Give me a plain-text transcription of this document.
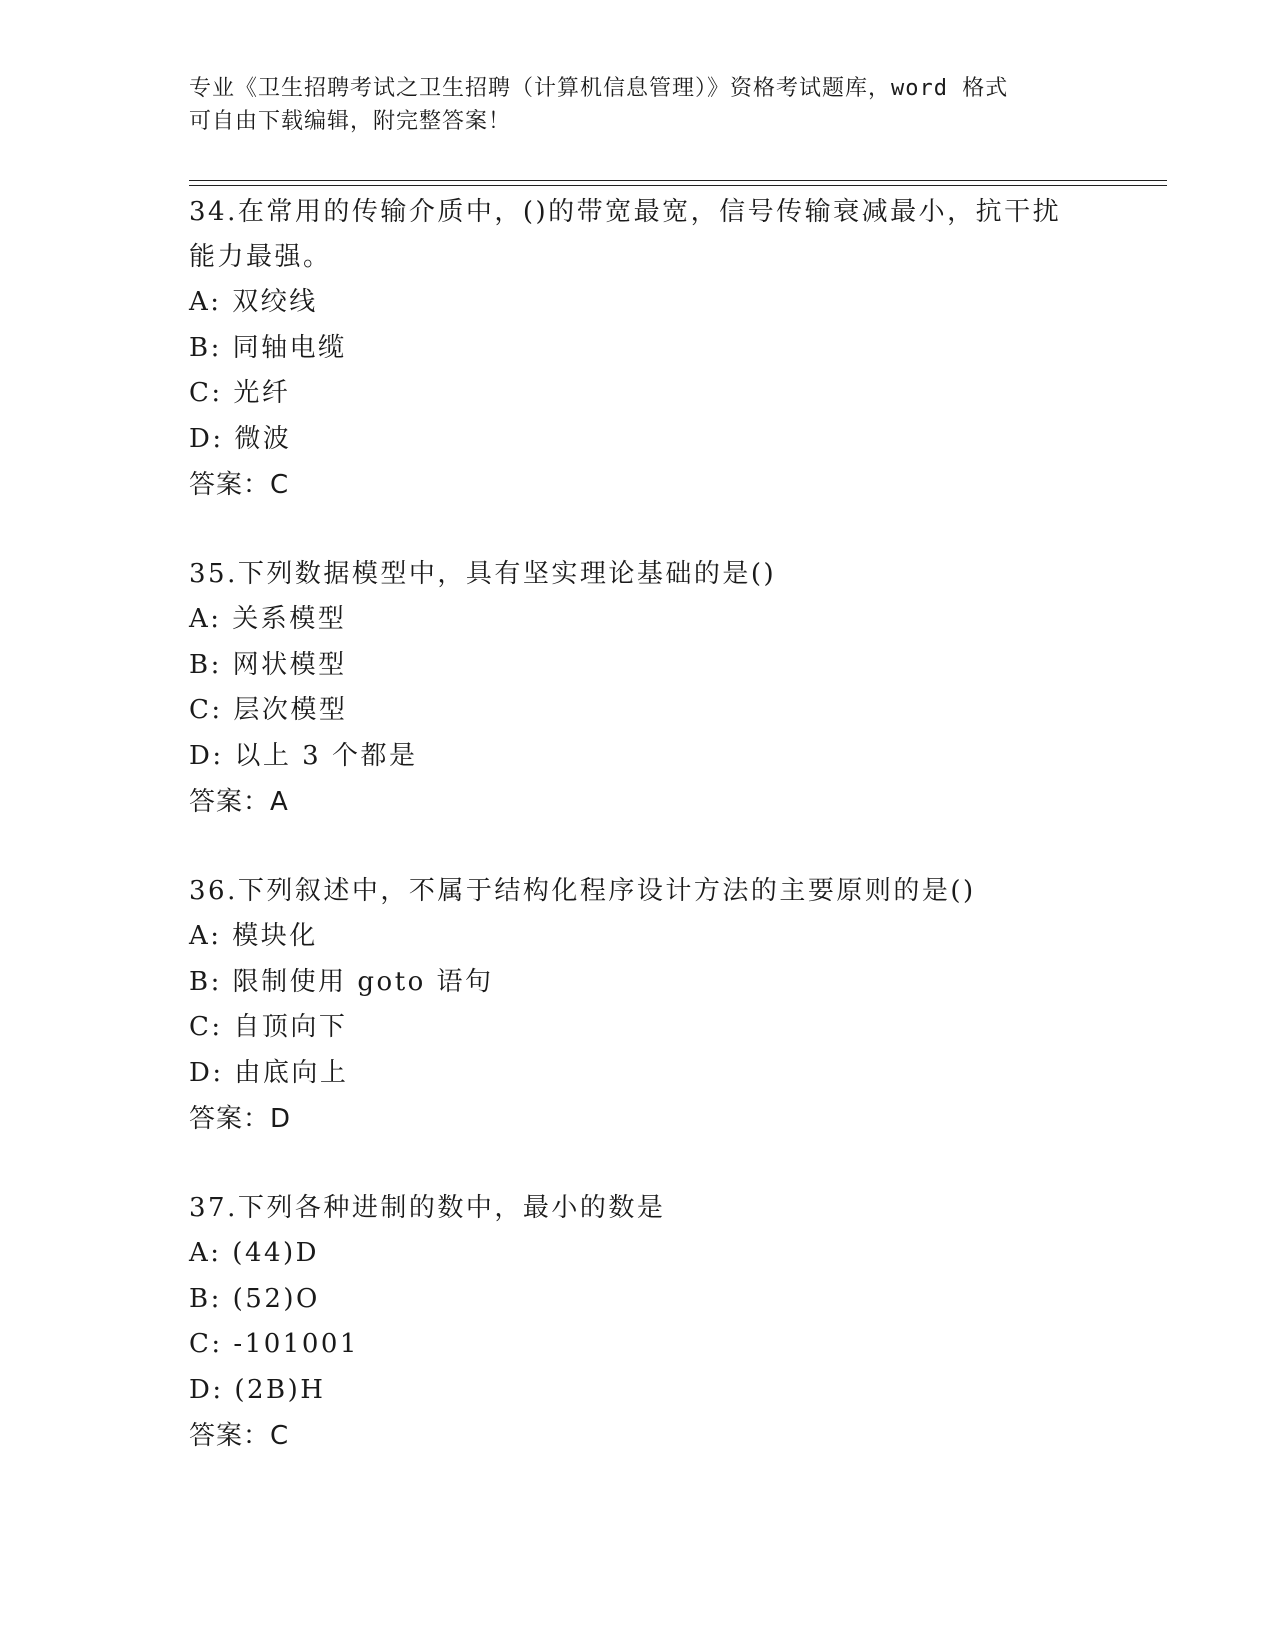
专业《卫生招聘考试之卫生招聘（计算机信息管理）》资格考试题库，word 格式
可自由下载编辑，附完整答案！
34.在常用的传输介质中，()的带宽最宽，信号传输衰减最小，抗干扰
能力最强。
A: 双绞线
B: 同轴电缆
C: 光纤
D: 微波
答案：C
35.下列数据模型中，具有坚实理论基础的是()
A: 关系模型
B: 网状模型
C: 层次模型
D: 以上 3 个都是
答案：A
36.下列叙述中，不属于结构化程序设计方法的主要原则的是()
A: 模块化
B: 限制使用 goto 语句
C: 自顶向下
D: 由底向上
答案：D
37.下列各种进制的数中，最小的数是
A: (44)D
B: (52)O
C: -101001
D: (2B)H
答案：C
